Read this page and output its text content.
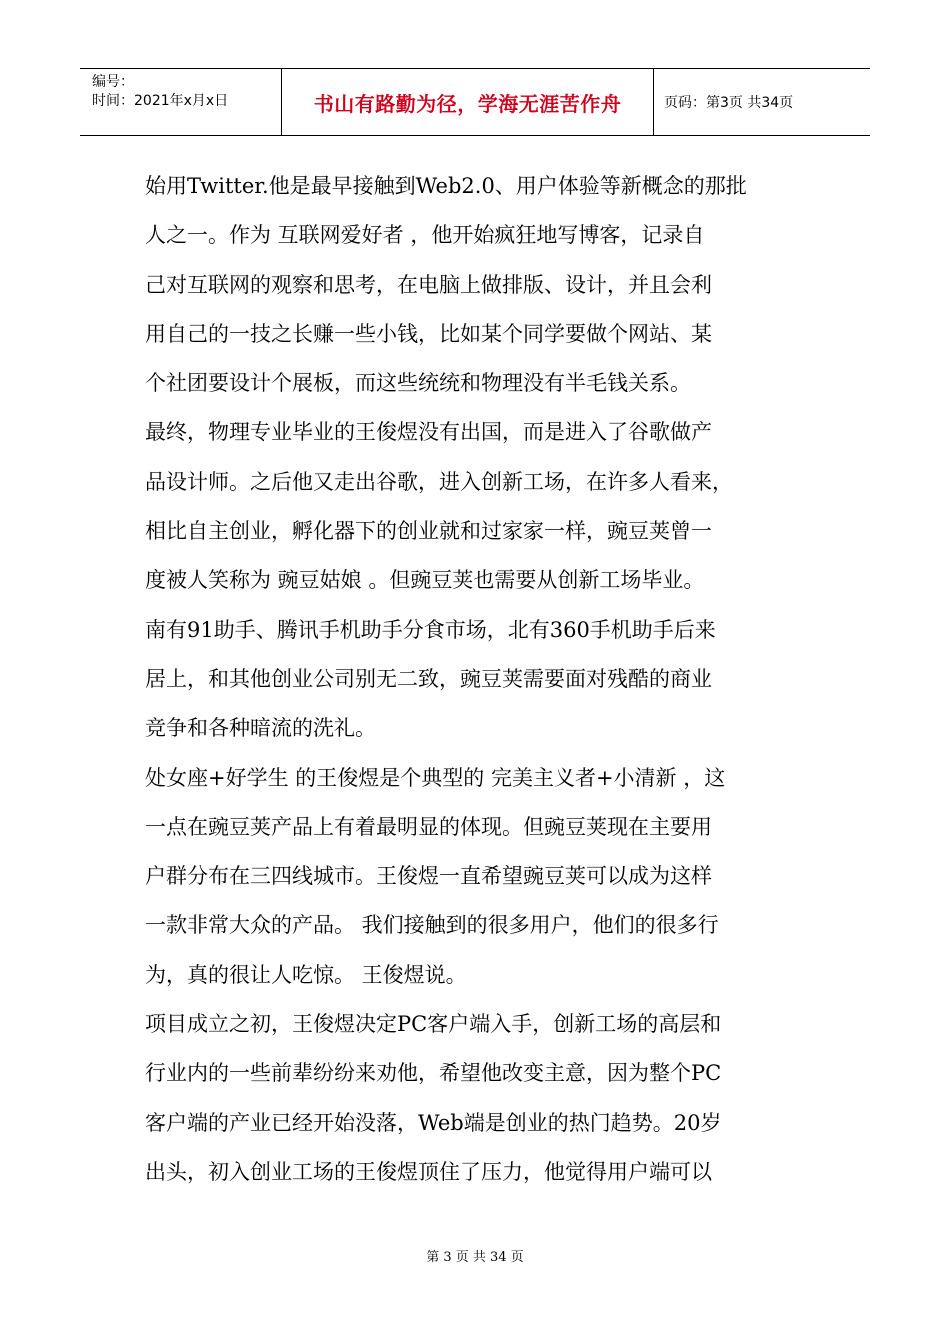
编号：
时间：2021年x月x日	书山有路勤为径，学海无涯苦作舟	页码：第3页 共34页
始用Twitter.他是最早接触到Web2.0、用户体验等新概念的那批
人之一。作为 互联网爱好者 ，他开始疯狂地写博客，记录自
己对互联网的观察和思考，在电脑上做排版、设计，并且会利
用自己的一技之长赚一些小钱，比如某个同学要做个网站、某
个社团要设计个展板，而这些统统和物理没有半毛钱关系。
最终，物理专业毕业的王俊煜没有出国，而是进入了谷歌做产
品设计师。之后他又走出谷歌，进入创新工场，在许多人看来，
相比自主创业，孵化器下的创业就和过家家一样，豌豆荚曾一
度被人笑称为 豌豆姑娘 。但豌豆荚也需要从创新工场毕业。
南有91助手、腾讯手机助手分食市场，北有360手机助手后来
居上，和其他创业公司别无二致，豌豆荚需要面对残酷的商业
竞争和各种暗流的洗礼。
处女座+好学生 的王俊煜是个典型的 完美主义者+小清新 ，这
一点在豌豆荚产品上有着最明显的体现。但豌豆荚现在主要用
户群分布在三四线城市。王俊煜一直希望豌豆荚可以成为这样
一款非常大众的产品。 我们接触到的很多用户，他们的很多行
为，真的很让人吃惊。 王俊煜说。
项目成立之初，王俊煜决定PC客户端入手，创新工场的高层和
行业内的一些前辈纷纷来劝他，希望他改变主意，因为整个PC
客户端的产业已经开始没落，Web端是创业的热门趋势。20岁
出头，初入创业工场的王俊煜顶住了压力，他觉得用户端可以
第 3 页 共 34 页
